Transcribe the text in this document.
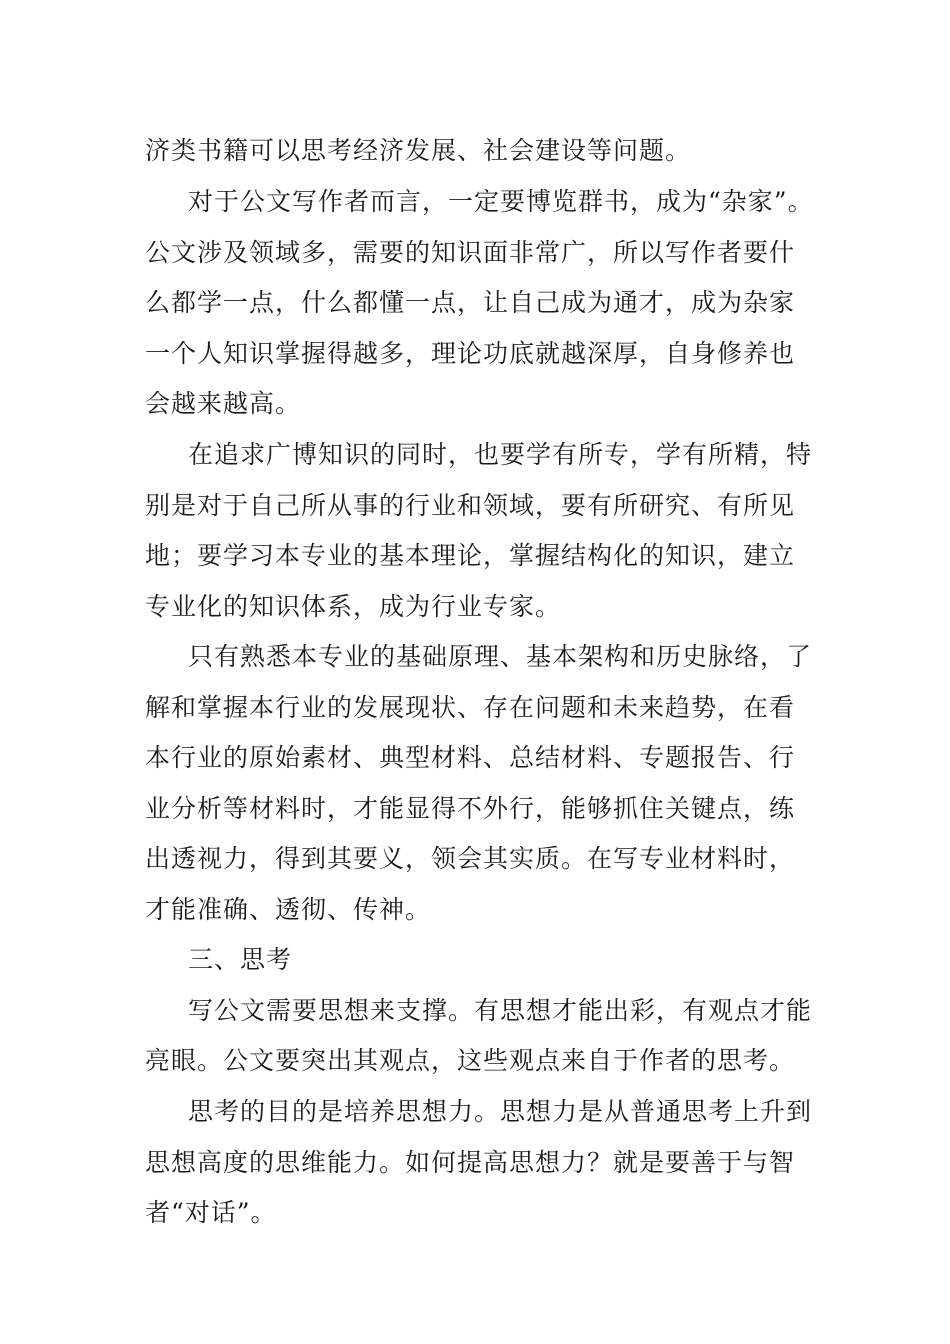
济类书籍可以思考经济发展、社会建设等问题。
对于公文写作者而言，一定要博览群书，成为“杂家”。
公文涉及领域多，需要的知识面非常广，所以写作者要什
么都学一点，什么都懂一点，让自己成为通才，成为杂家
一个人知识掌握得越多，理论功底就越深厚，自身修养也
会越来越高。
在追求广博知识的同时，也要学有所专，学有所精，特
别是对于自己所从事的行业和领域，要有所研究、有所见
地；要学习本专业的基本理论，掌握结构化的知识，建立
专业化的知识体系，成为行业专家。
只有熟悉本专业的基础原理、基本架构和历史脉络，了
解和掌握本行业的发展现状、存在问题和未来趋势，在看
本行业的原始素材、典型材料、总结材料、专题报告、行
业分析等材料时，才能显得不外行，能够抓住关键点，练
出透视力，得到其要义，领会其实质。在写专业材料时，
才能准确、透彻、传神。
三、思考
写公文需要思想来支撑。有思想才能出彩，有观点才能
亮眼。公文要突出其观点，这些观点来自于作者的思考。
思考的目的是培养思想力。思想力是从普通思考上升到
思想高度的思维能力。如何提高思想力？就是要善于与智
者“对话”。
